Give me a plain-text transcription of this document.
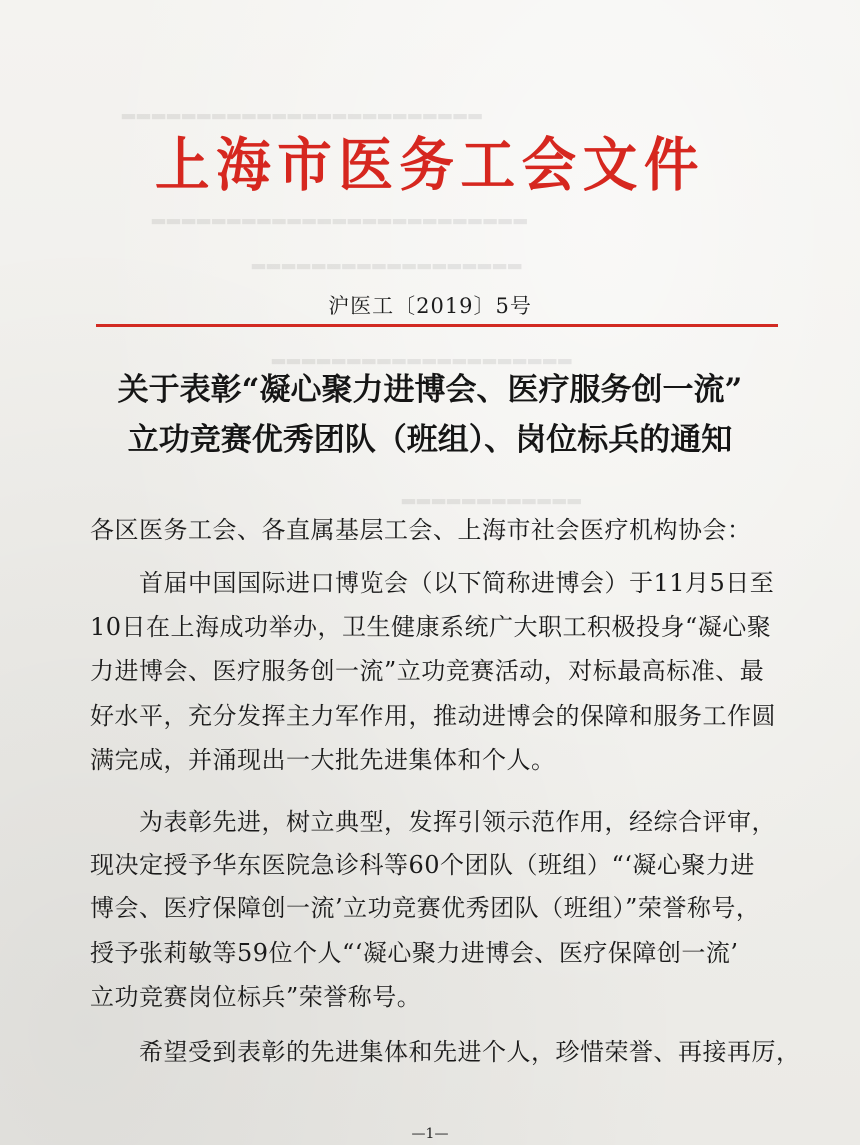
▂▂▂▂▂▂▂▂▂▂▂▂▂▂▂▂▂▂▂▂▂▂▂▂
▂▂▂▂▂▂▂▂▂▂▂▂▂▂▂▂▂▂▂▂▂▂▂▂▂
▂▂▂▂▂▂▂▂▂▂▂▂▂▂▂▂▂▂
▂▂▂▂▂▂▂▂▂▂▂▂▂▂▂▂▂▂▂▂
▂▂▂▂▂▂▂▂▂▂▂▂
上海市医务工会文件
沪医工〔2019〕5号
关于表彰“凝心聚力进博会、医疗服务创一流”
立功竞赛优秀团队（班组）、岗位标兵的通知
各区医务工会、各直属基层工会、上海市社会医疗机构协会：
　　首届中国国际进口博览会（以下简称进博会）于11月5日至
10日在上海成功举办，卫生健康系统广大职工积极投身“凝心聚
力进博会、医疗服务创一流”立功竞赛活动，对标最高标准、最
好水平，充分发挥主力军作用，推动进博会的保障和服务工作圆
满完成，并涌现出一大批先进集体和个人。
　　为表彰先进，树立典型，发挥引领示范作用，经综合评审，
现决定授予华东医院急诊科等60个团队（班组）“‘凝心聚力进
博会、医疗保障创一流’立功竞赛优秀团队（班组）”荣誉称号，
授予张莉敏等59位个人“‘凝心聚力进博会、医疗保障创一流’
立功竞赛岗位标兵”荣誉称号。
　　希望受到表彰的先进集体和先进个人，珍惜荣誉、再接再厉，
—1—
